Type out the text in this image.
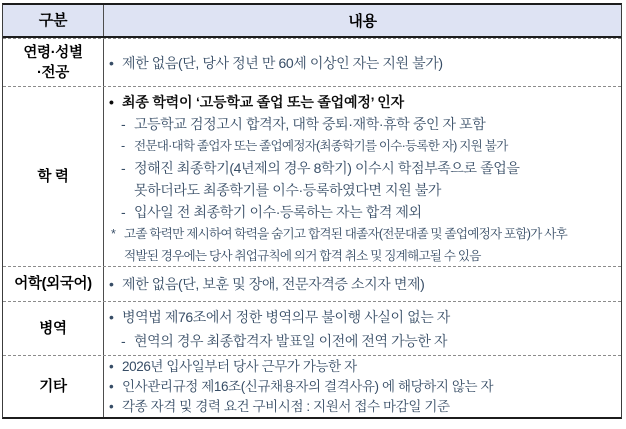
구분	내용
연령·성별
·전공
• 제한 없음(단, 당사 정년 만 60세 이상인 자는 지원 불가)
학 력
• 최종 학력이 ‘고등학교 졸업 또는 졸업예정’ 인자
- 고등학교 검정고시 합격자, 대학 중퇴·재학·휴학 중인 자 포함
- 전문대·대학 졸업자 또는 졸업예정자(최종학기를 이수·등록한 자) 지원 불가
- 정해진 최종학기(4년제의 경우 8학기) 이수시 학점부족으로 졸업을
못하더라도 최종학기를 이수·등록하였다면 지원 불가
- 입사일 전 최종학기 이수·등록하는 자는 합격 제외
* 고졸 학력만 제시하여 학력을 숨기고 합격된 대졸자(전문대졸 및 졸업예정자 포함)가 사후
적발된 경우에는 당사 취업규칙에 의거 합격 취소 및 징계해고될 수 있음
어학(외국어) • 제한 없음(단, 보훈 및 장애, 전문자격증 소지자 면제)
병역
• 병역법 제76조에서 정한 병역의무 불이행 사실이 없는 자
- 현역의 경우 최종합격자 발표일 이전에 전역 가능한 자
기타
• 2026년 입사일부터 당사 근무가 가능한 자
• 인사관리규정 제16조(신규채용자의 결격사유) 에 해당하지 않는 자
• 각종 자격 및 경력 요건 구비시점 : 지원서 접수 마감일 기준
